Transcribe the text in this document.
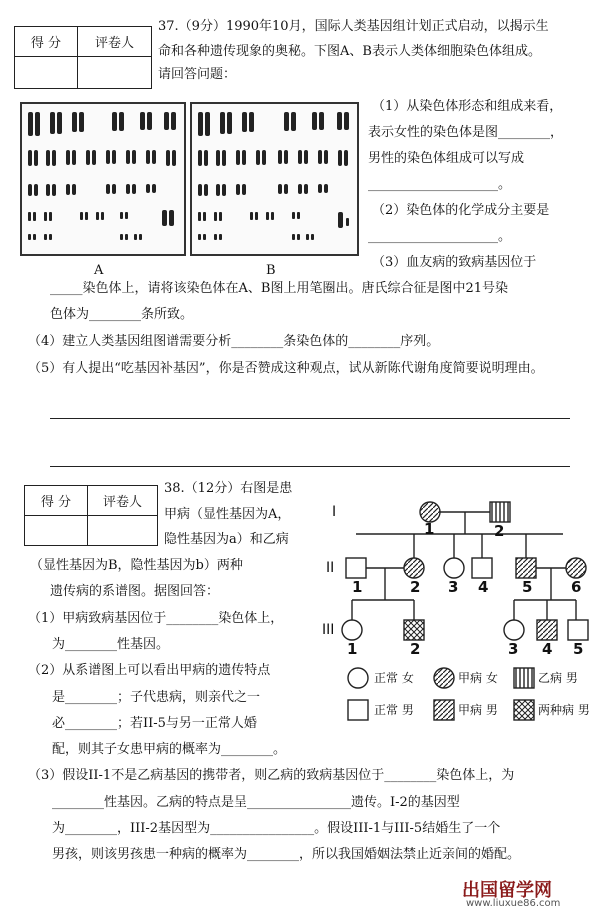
得 分	评卷人

37.（9分）1990年10月，国际人类基因组计划正式启动，以揭示生
命和各种遗传现象的奥秘。下图A、B表示人类体细胞染色体组成。
请回答问题：
A	B
（1）从染色体形态和组成来看，
表示女性的染色体是图________，
男性的染色体组成可以写成
____________________。
（2）染色体的化学成分主要是
____________________。
（3）血友病的致病基因位于
_____染色体上，请将该染色体在A、B图上用笔圈出。唐氏综合征是图中21号染
色体为________条所致。
（4）建立人类基因组图谱需要分析________条染色体的________序列。
（5）有人提出“吃基因补基因”，你是否赞成这种观点，试从新陈代谢角度简要说明理由。
得 分	评卷人

38.（12分）右图是患
甲病（显性基因为A，
隐性基因为a）和乙病
（显性基因为B，隐性基因为b）两种
遗传病的系谱图。据图回答：
（1）甲病致病基因位于________染色体上，
为________性基因。
（2）从系谱图上可以看出甲病的遗传特点
是________；子代患病，则亲代之一
必________；若II-5与另一正常人婚
配，则其子女患甲病的概率为________。
I
II
III
1	2
1	2 3 4 5	6
1	2	3 4 5
正常 女	甲病 女	乙病 男
正常 男	甲病 男	两种病 男
（3）假设II-1不是乙病基因的携带者，则乙病的致病基因位于________染色体上，为
________性基因。乙病的特点是呈________________遗传。I-2的基因型
为________，III-2基因型为________________。假设III-1与III-5结婚生了一个
男孩，则该男孩患一种病的概率为________，所以我国婚姻法禁止近亲间的婚配。
出国留学网
www.liuxue86.com
